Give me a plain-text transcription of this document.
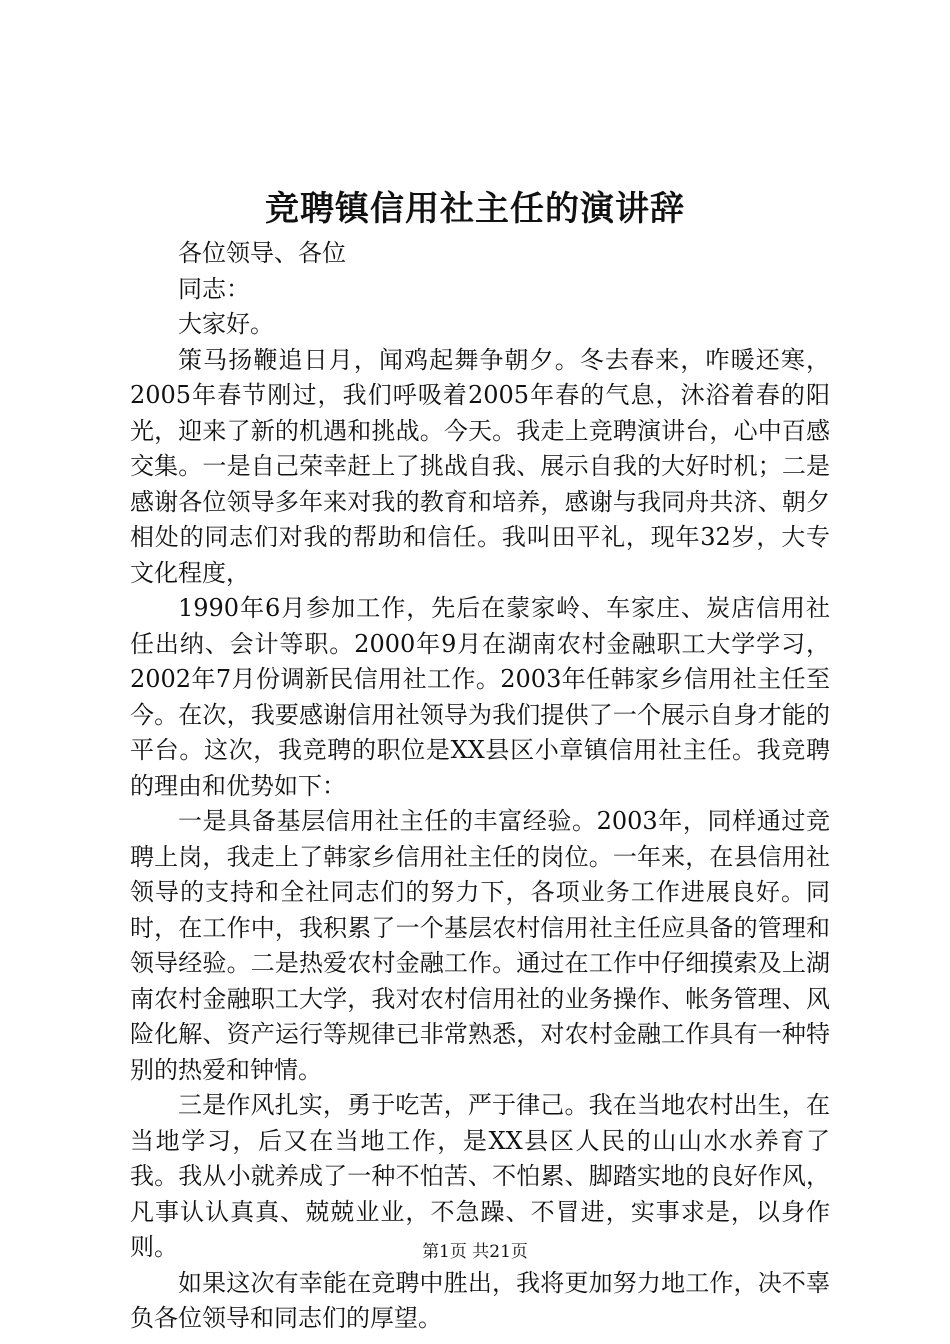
竞聘镇信用社主任的演讲辞

各位领导、各位

同志：

大家好。

策马扬鞭追日月，闻鸡起舞争朝夕。冬去春来，咋暖还寒，2005年春节刚过，我们呼吸着2005年春的气息，沐浴着春的阳光，迎来了新的机遇和挑战。今天。我走上竞聘演讲台，心中百感交集。一是自己荣幸赶上了挑战自我、展示自我的大好时机；二是感谢各位领导多年来对我的教育和培养，感谢与我同舟共济、朝夕相处的同志们对我的帮助和信任。我叫田平礼，现年32岁，大专文化程度，

1990年6月参加工作，先后在蒙家岭、车家庄、炭店信用社任出纳、会计等职。2000年9月在湖南农村金融职工大学学习，2002年7月份调新民信用社工作。2003年任韩家乡信用社主任至今。在次，我要感谢信用社领导为我们提供了一个展示自身才能的平台。这次，我竞聘的职位是XX县区小章镇信用社主任。我竞聘的理由和优势如下：

一是具备基层信用社主任的丰富经验。2003年，同样通过竞聘上岗，我走上了韩家乡信用社主任的岗位。一年来，在县信用社领导的支持和全社同志们的努力下，各项业务工作进展良好。同时，在工作中，我积累了一个基层农村信用社主任应具备的管理和领导经验。二是热爱农村金融工作。通过在工作中仔细摸索及上湖南农村金融职工大学，我对农村信用社的业务操作、帐务管理、风险化解、资产运行等规律已非常熟悉，对农村金融工作具有一种特别的热爱和钟情。

三是作风扎实，勇于吃苦，严于律己。我在当地农村出生，在当地学习，后又在当地工作，是XX县区人民的山山水水养育了我。我从小就养成了一种不怕苦、不怕累、脚踏实地的良好作风，凡事认认真真、兢兢业业，不急躁、不冒进，实事求是，以身作则。

如果这次有幸能在竞聘中胜出，我将更加努力地工作，决不辜负各位领导和同志们的厚望。

第1页 共21页
